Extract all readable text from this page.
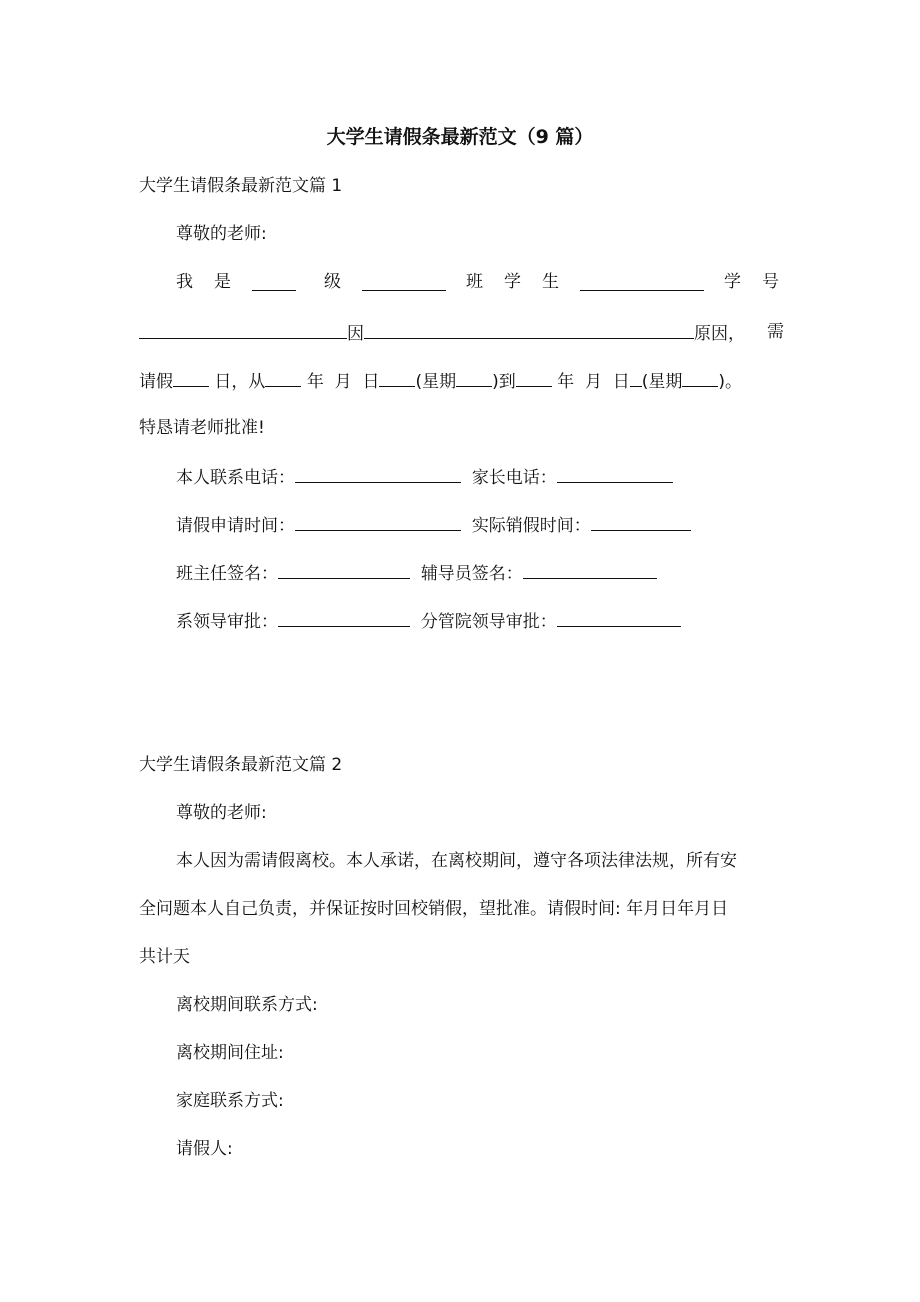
大学生请假条最新范文（9 篇）
大学生请假条最新范文篇 1
尊敬的老师:
我 是	级	班 学 生	学 号
因	原因， 需
请假 日，从 年 月 日 (星期 )到 年 月 日 (星期 )。
特恳请老师批准!
本人联系电话：	家长电话：
请假申请时间：	实际销假时间：
班主任签名：	辅导员签名：
系领导审批：	分管院领导审批：
大学生请假条最新范文篇 2
尊敬的老师:
本人因为需请假离校。本人承诺，在离校期间，遵守各项法律法规，所有安
全问题本人自己负责，并保证按时回校销假，望批准。请假时间: 年月日年月日
共计天
离校期间联系方式:
离校期间住址:
家庭联系方式:
请假人:
